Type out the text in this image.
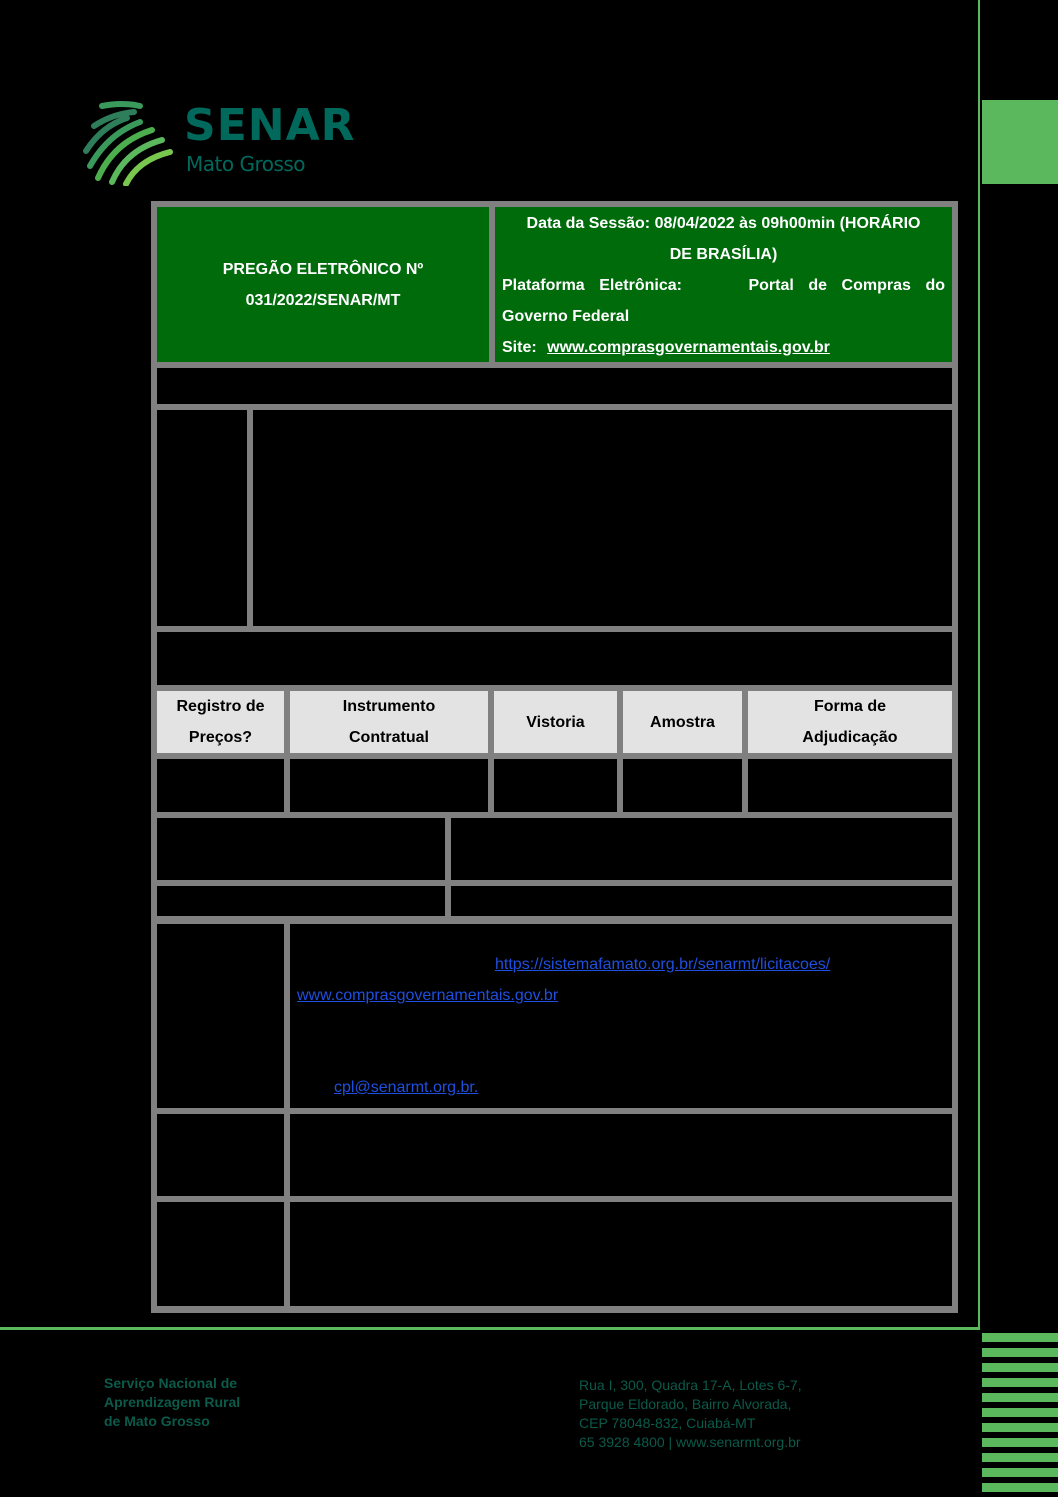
SENAR
Mato Grosso
PREGÃO ELETRÔNICO Nº
031/2022/SENAR/MT
Data da Sessão: 08/04/2022 às 09h00min (HORÁRIO
DE BRASÍLIA)
Plataforma Eletrônica:	Portal de Compras do
Governo Federal
Site: www.comprasgovernamentais.gov.br
Registro de
Preços?
Instrumento
Contratual
Vistoria	Amostra
Forma de
Adjudicação
https://sistemafamato.org.br/senarmt/licitacoes/
www.comprasgovernamentais.gov.br
cpl@senarmt.org.br.
Serviço Nacional de
Aprendizagem Rural
de Mato Grosso
Rua I, 300, Quadra 17-A, Lotes 6-7,
Parque Eldorado, Bairro Alvorada,
CEP 78048-832, Cuiabá-MT
65 3928 4800 | www.senarmt.org.br
